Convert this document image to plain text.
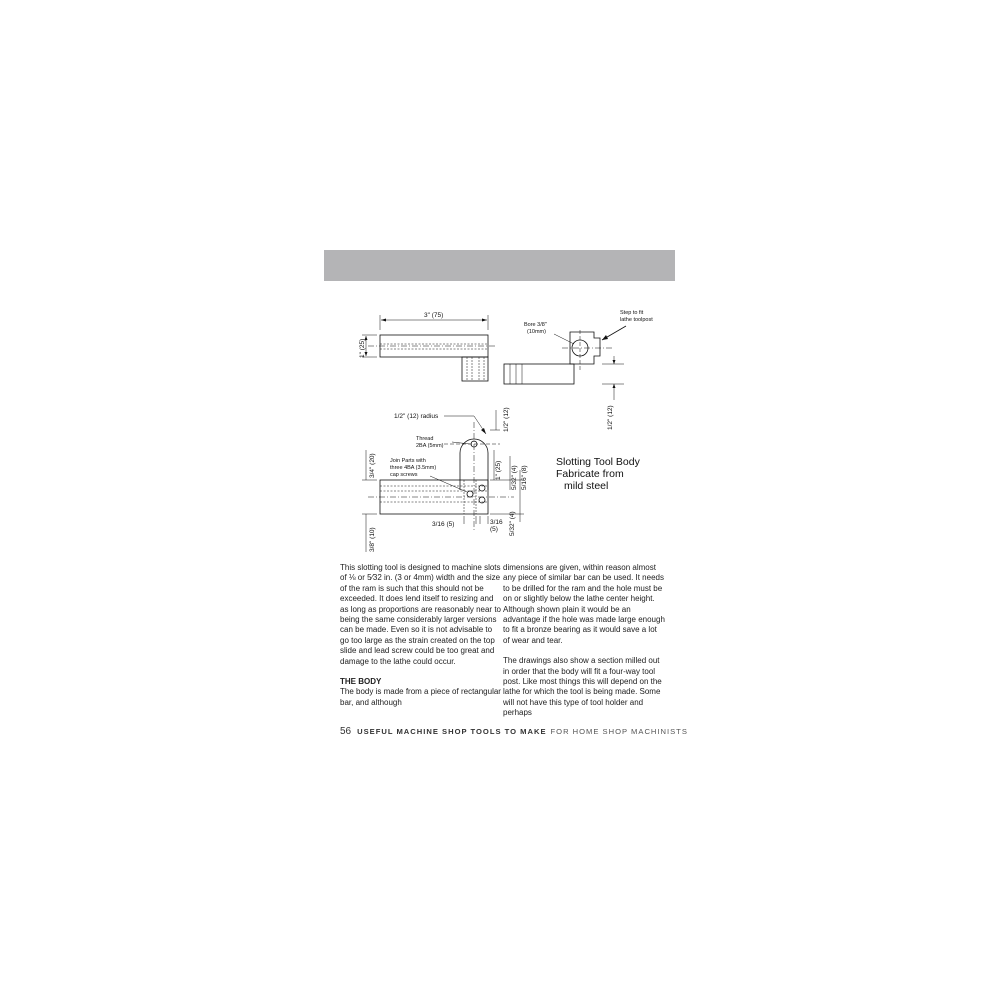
3" (75)
1" (25)
Bore 3/8"
(10mm)
Step to fit
lathe toolpost
1/2" (12)
1/2" (12) radius	1/2" (12)
Thread
2BA (5mm)
Join Parts with
three 4BA (3.5mm)
cap screws
3/4" (20)
3/8" (10)
1" (25) 5/32" (4) 5/16" (8)
5/32" (4)
3/16 (5)	3/16
(5)
Slotting Tool Body
Fabricate from
mild steel

This slotting tool is designed to machine slots of ⅛ or 5⁄32 in. (3 or 4mm) width and the size of the ram is such that this should not be exceeded. It does lend itself to resizing and as long as proportions are reasonably near to being the same considerably larger versions can be made. Even so it is not advisable to go too large as the strain created on the top slide and lead screw could be too great and damage to the lathe could occur.

THE BODY

The body is made from a piece of rectangular bar, and although

dimensions are given, within reason almost any piece of similar bar can be used. It needs to be drilled for the ram and the hole must be on or slightly below the lathe center height. Although shown plain it would be an advantage if the hole was made large enough to fit a bronze bearing as it would save a lot of wear and tear.

The drawings also show a section milled out in order that the body will fit a four-way tool post. Like most things this will depend on the lathe for which the tool is being made. Some will not have this type of tool holder and perhaps

56 USEFUL MACHINE SHOP TOOLS TO MAKE FOR HOME SHOP MACHINISTS
